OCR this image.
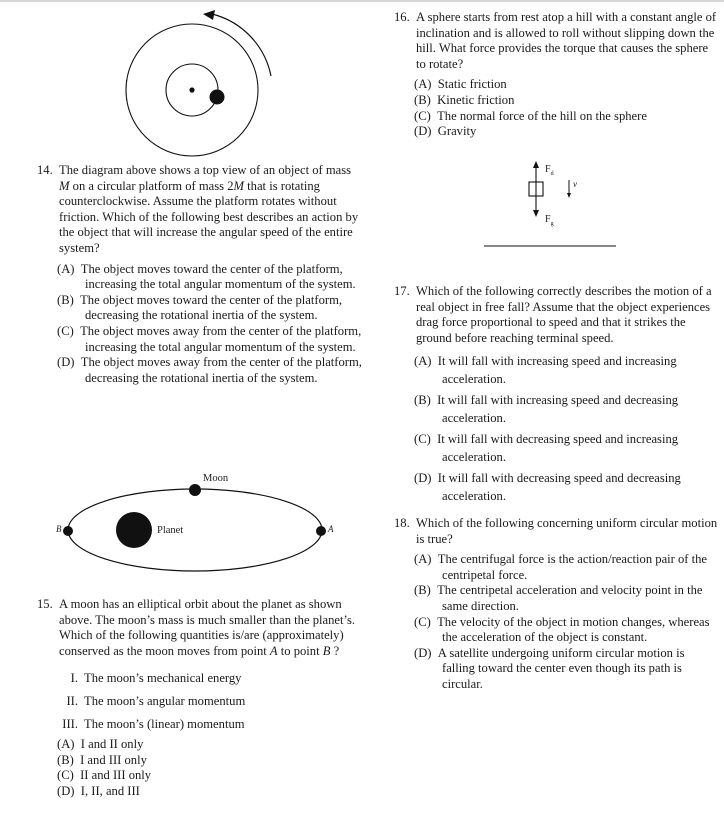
Moon
Planet	A
B
$F_d$
$F_g$
v
14. The diagram above shows a top view of an object of mass M on a circular platform of mass 2M that is rotating counterclockwise. Assume the platform rotates without friction. Which of the following best describes an action by the object that will increase the angular speed of the entire system?
(A) The object moves toward the center of the platform, increasing the total angular momentum of the system.
(B) The object moves toward the center of the platform, decreasing the rotational inertia of the system.
(C) The object moves away from the center of the platform, increasing the total angular momentum of the system.
(D) The object moves away from the center of the platform, decreasing the rotational inertia of the system.
15. A moon has an elliptical orbit about the planet as shown above. The moon’s mass is much smaller than the planet’s. Which of the following quantities is/are (approximately) conserved as the moon moves from point A to point B ?
I. The moon’s mechanical energy
II. The moon’s angular momentum
III. The moon’s (linear) momentum
(A) I and II only
(B) I and III only
(C) II and III only
(D) I, II, and III
16. A sphere starts from rest atop a hill with a constant angle of inclination and is allowed to roll without slipping down the hill. What force provides the torque that causes the sphere to rotate?
(A) Static friction
(B) Kinetic friction
(C) The normal force of the hill on the sphere
(D) Gravity
17. Which of the following correctly describes the motion of a real object in free fall? Assume that the object experiences drag force proportional to speed and that it strikes the ground before reaching terminal speed.
(A) It will fall with increasing speed and increasing acceleration.
(B) It will fall with increasing speed and decreasing acceleration.
(C) It will fall with decreasing speed and increasing acceleration.
(D) It will fall with decreasing speed and decreasing acceleration.
18. Which of the following concerning uniform circular motion is true?
(A) The centrifugal force is the action/reaction pair of the centripetal force.
(B) The centripetal acceleration and velocity point in the same direction.
(C) The velocity of the object in motion changes, whereas the acceleration of the object is constant.
(D) A satellite undergoing uniform circular motion is falling toward the center even though its path is circular.
